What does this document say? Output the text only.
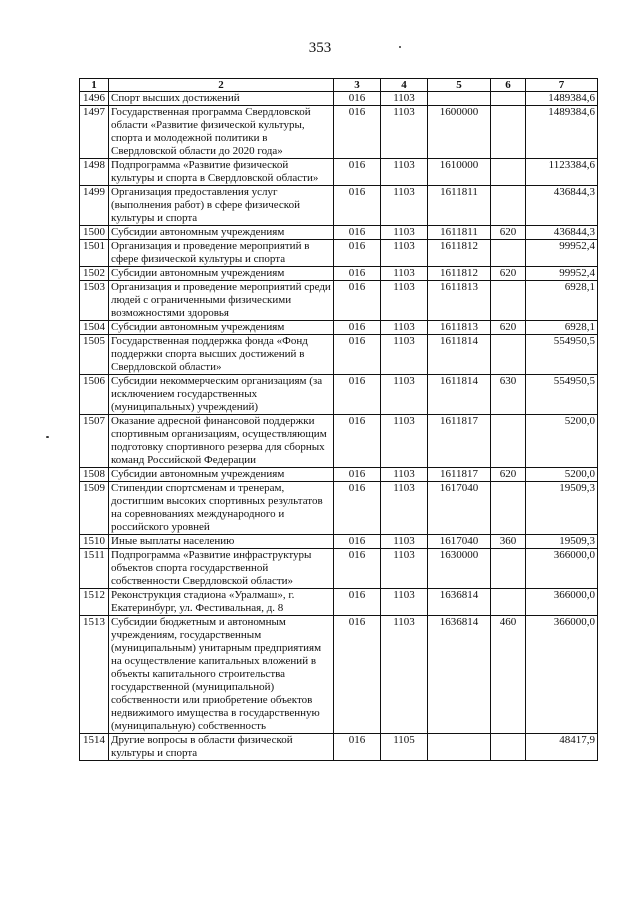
353
1	2	3	4	5	6	7
1496	Спорт высших достижений	016	1103			1489384,6
1497	Государственная программа Свердловской области «Развитие физической культуры, спорта и молодежной политики в Свердловской области до 2020 года»	016	1103	1600000		1489384,6
1498	Подпрограмма «Развитие физической культуры и спорта в Свердловской области»	016	1103	1610000		1123384,6
1499	Организация предоставления услуг (выполнения работ) в сфере физической культуры и спорта	016	1103	1611811		436844,3
1500	Субсидии автономным учреждениям	016	1103	1611811	620	436844,3
1501	Организация и проведение мероприятий в сфере физической культуры и спорта	016	1103	1611812		99952,4
1502	Субсидии автономным учреждениям	016	1103	1611812	620	99952,4
1503	Организация и проведение мероприятий среди людей с ограниченными физическими возможностями здоровья	016	1103	1611813		6928,1
1504	Субсидии автономным учреждениям	016	1103	1611813	620	6928,1
1505	Государственная поддержка фонда «Фонд поддержки спорта высших достижений в Свердловской области»	016	1103	1611814		554950,5
1506	Субсидии некоммерческим организациям (за исключением государственных (муниципальных) учреждений)	016	1103	1611814	630	554950,5
1507	Оказание адресной финансовой поддержки спортивным организациям, осуществляющим подготовку спортивного резерва для сборных команд Российской Федерации	016	1103	1611817		5200,0
1508	Субсидии автономным учреждениям	016	1103	1611817	620	5200,0
1509	Стипендии спортсменам и тренерам, достигшим высоких спортивных результатов на соревнованиях международного и российского уровней	016	1103	1617040		19509,3
1510	Иные выплаты населению	016	1103	1617040	360	19509,3
1511	Подпрограмма «Развитие инфраструктуры объектов спорта государственной собственности Свердловской области»	016	1103	1630000		366000,0
1512	Реконструкция стадиона «Уралмаш», г. Екатеринбург, ул. Фестивальная, д. 8	016	1103	1636814		366000,0
1513	Субсидии бюджетным и автономным учреждениям, государственным (муниципальным) унитарным предприятиям на осуществление капитальных вложений в объекты капитального строительства государственной (муниципальной) собственности или приобретение объектов недвижимого имущества в государственную (муниципальную) собственность	016	1103	1636814	460	366000,0
1514	Другие вопросы в области физической культуры и спорта	016	1105			48417,9
